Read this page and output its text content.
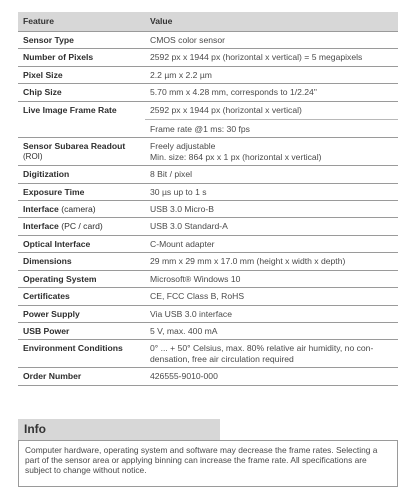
Feature	Value
Sensor Type	CMOS color sensor
Number of Pixels	2592 px x 1944 px (horizontal x vertical) = 5 megapixels
Pixel Size	2.2 µm x 2.2 µm
Chip Size	5.70 mm x 4.28 mm, corresponds to 1/2.24"
Live Image Frame Rate	2592 px x 1944 px (horizontal x vertical)
Frame rate @1 ms: 30 fps

Sensor Subarea Readout
(ROI)	Freely adjustable
Min. size: 864 px x 1 px (horizontal x vertical)

Digitization	8 Bit / pixel
Exposure Time	30 µs up to 1 s
Interface (camera)	USB 3.0 Micro-B
Interface (PC / card)	USB 3.0 Standard-A
Optical Interface	C-Mount adapter
Dimensions	29 mm x 29 mm x 17.0 mm (height x width x depth)
Operating System	Microsoft® Windows 10
Certificates	CE, FCC Class B, RoHS
Power Supply	Via USB 3.0 interface
USB Power	5 V, max. 400 mA
Environment Conditions	0° ... + 50° Celsius, max. 80% relative air humidity, no con-
densation, free air circulation required

Order Number	426555-9010-000
Info
Computer hardware, operating system and software may decrease the frame rates. Selecting a part of the sensor area or applying binning can increase the frame rate. All specifications are subject to change without notice.
